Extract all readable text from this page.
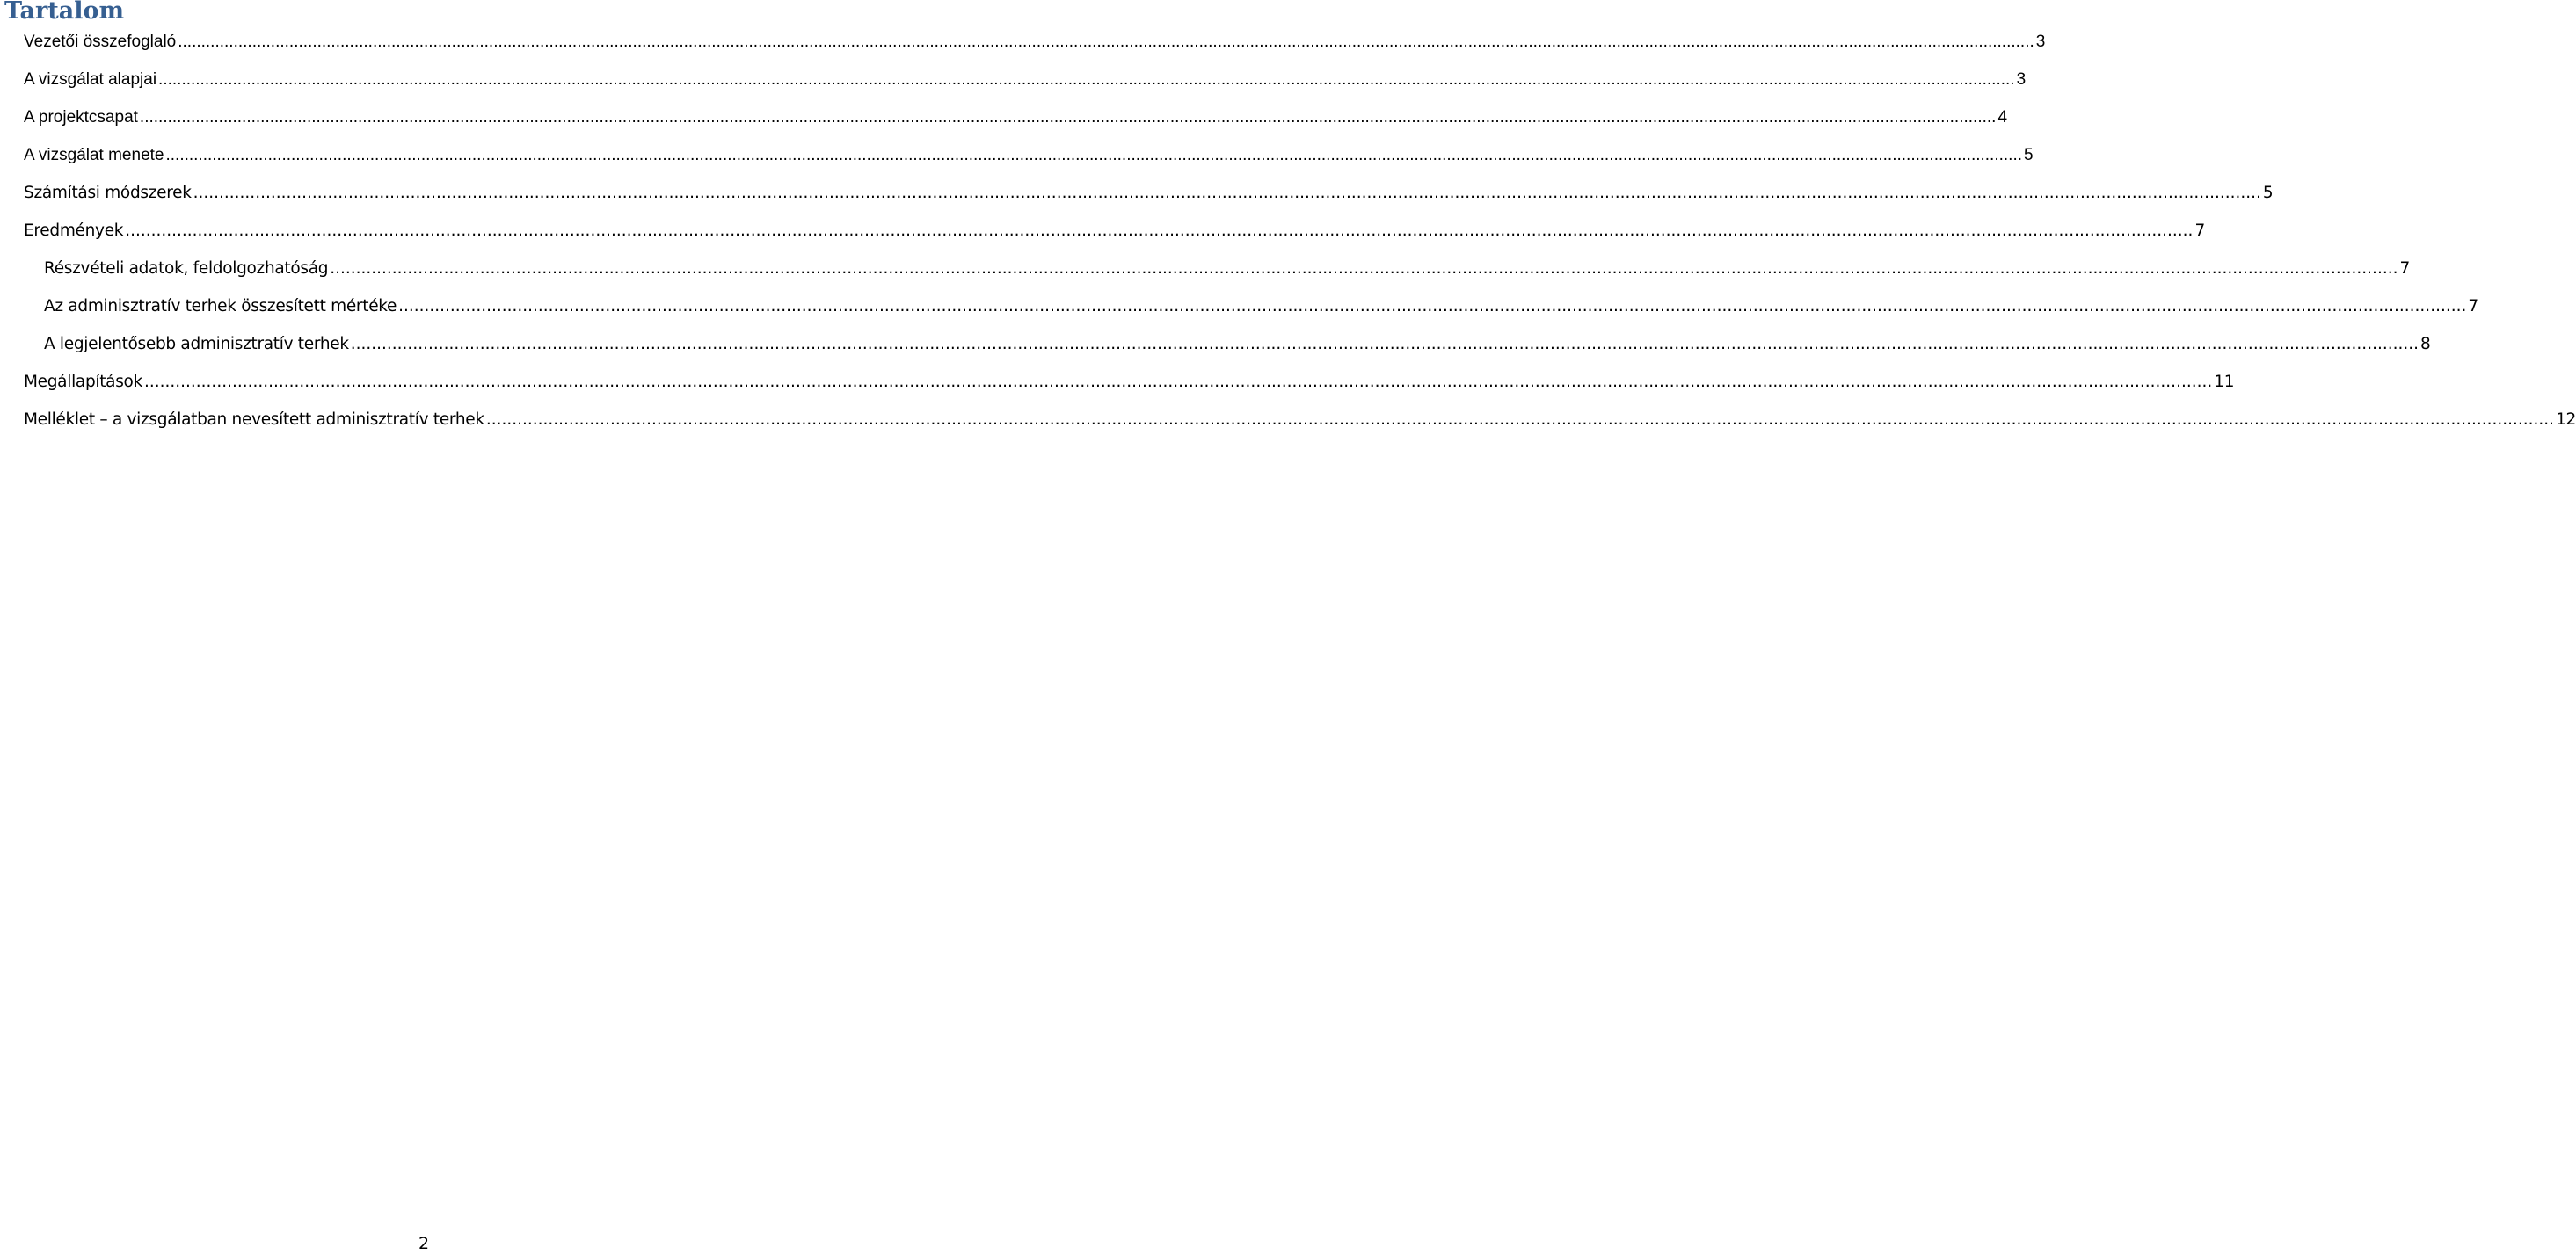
Tartalom
Vezetői összefoglaló ................................................................................................................................................................................................................................................................................................................................................................................................................ 3
A vizsgálat alapjai ................................................................................................................................................................................................................................................................................................................................................................................................................ 3
A projektcsapat ................................................................................................................................................................................................................................................................................................................................................................................................................ 4
A vizsgálat menete ................................................................................................................................................................................................................................................................................................................................................................................................................ 5
Számítási módszerek ................................................................................................................................................................................................................................................................................................................................................................................................................ 5
Eredmények ................................................................................................................................................................................................................................................................................................................................................................................................................ 7
Részvételi adatok, feldolgozhatóság ................................................................................................................................................................................................................................................................................................................................................................................................................ 7
Az adminisztratív terhek összesített mértéke ................................................................................................................................................................................................................................................................................................................................................................................................................ 7
A legjelentősebb adminisztratív terhek ................................................................................................................................................................................................................................................................................................................................................................................................................ 8
Megállapítások ................................................................................................................................................................................................................................................................................................................................................................................................................ 11
Melléklet – a vizsgálatban nevesített adminisztratív terhek ................................................................................................................................................................................................................................................................................................................................................................................................................ 12
2
